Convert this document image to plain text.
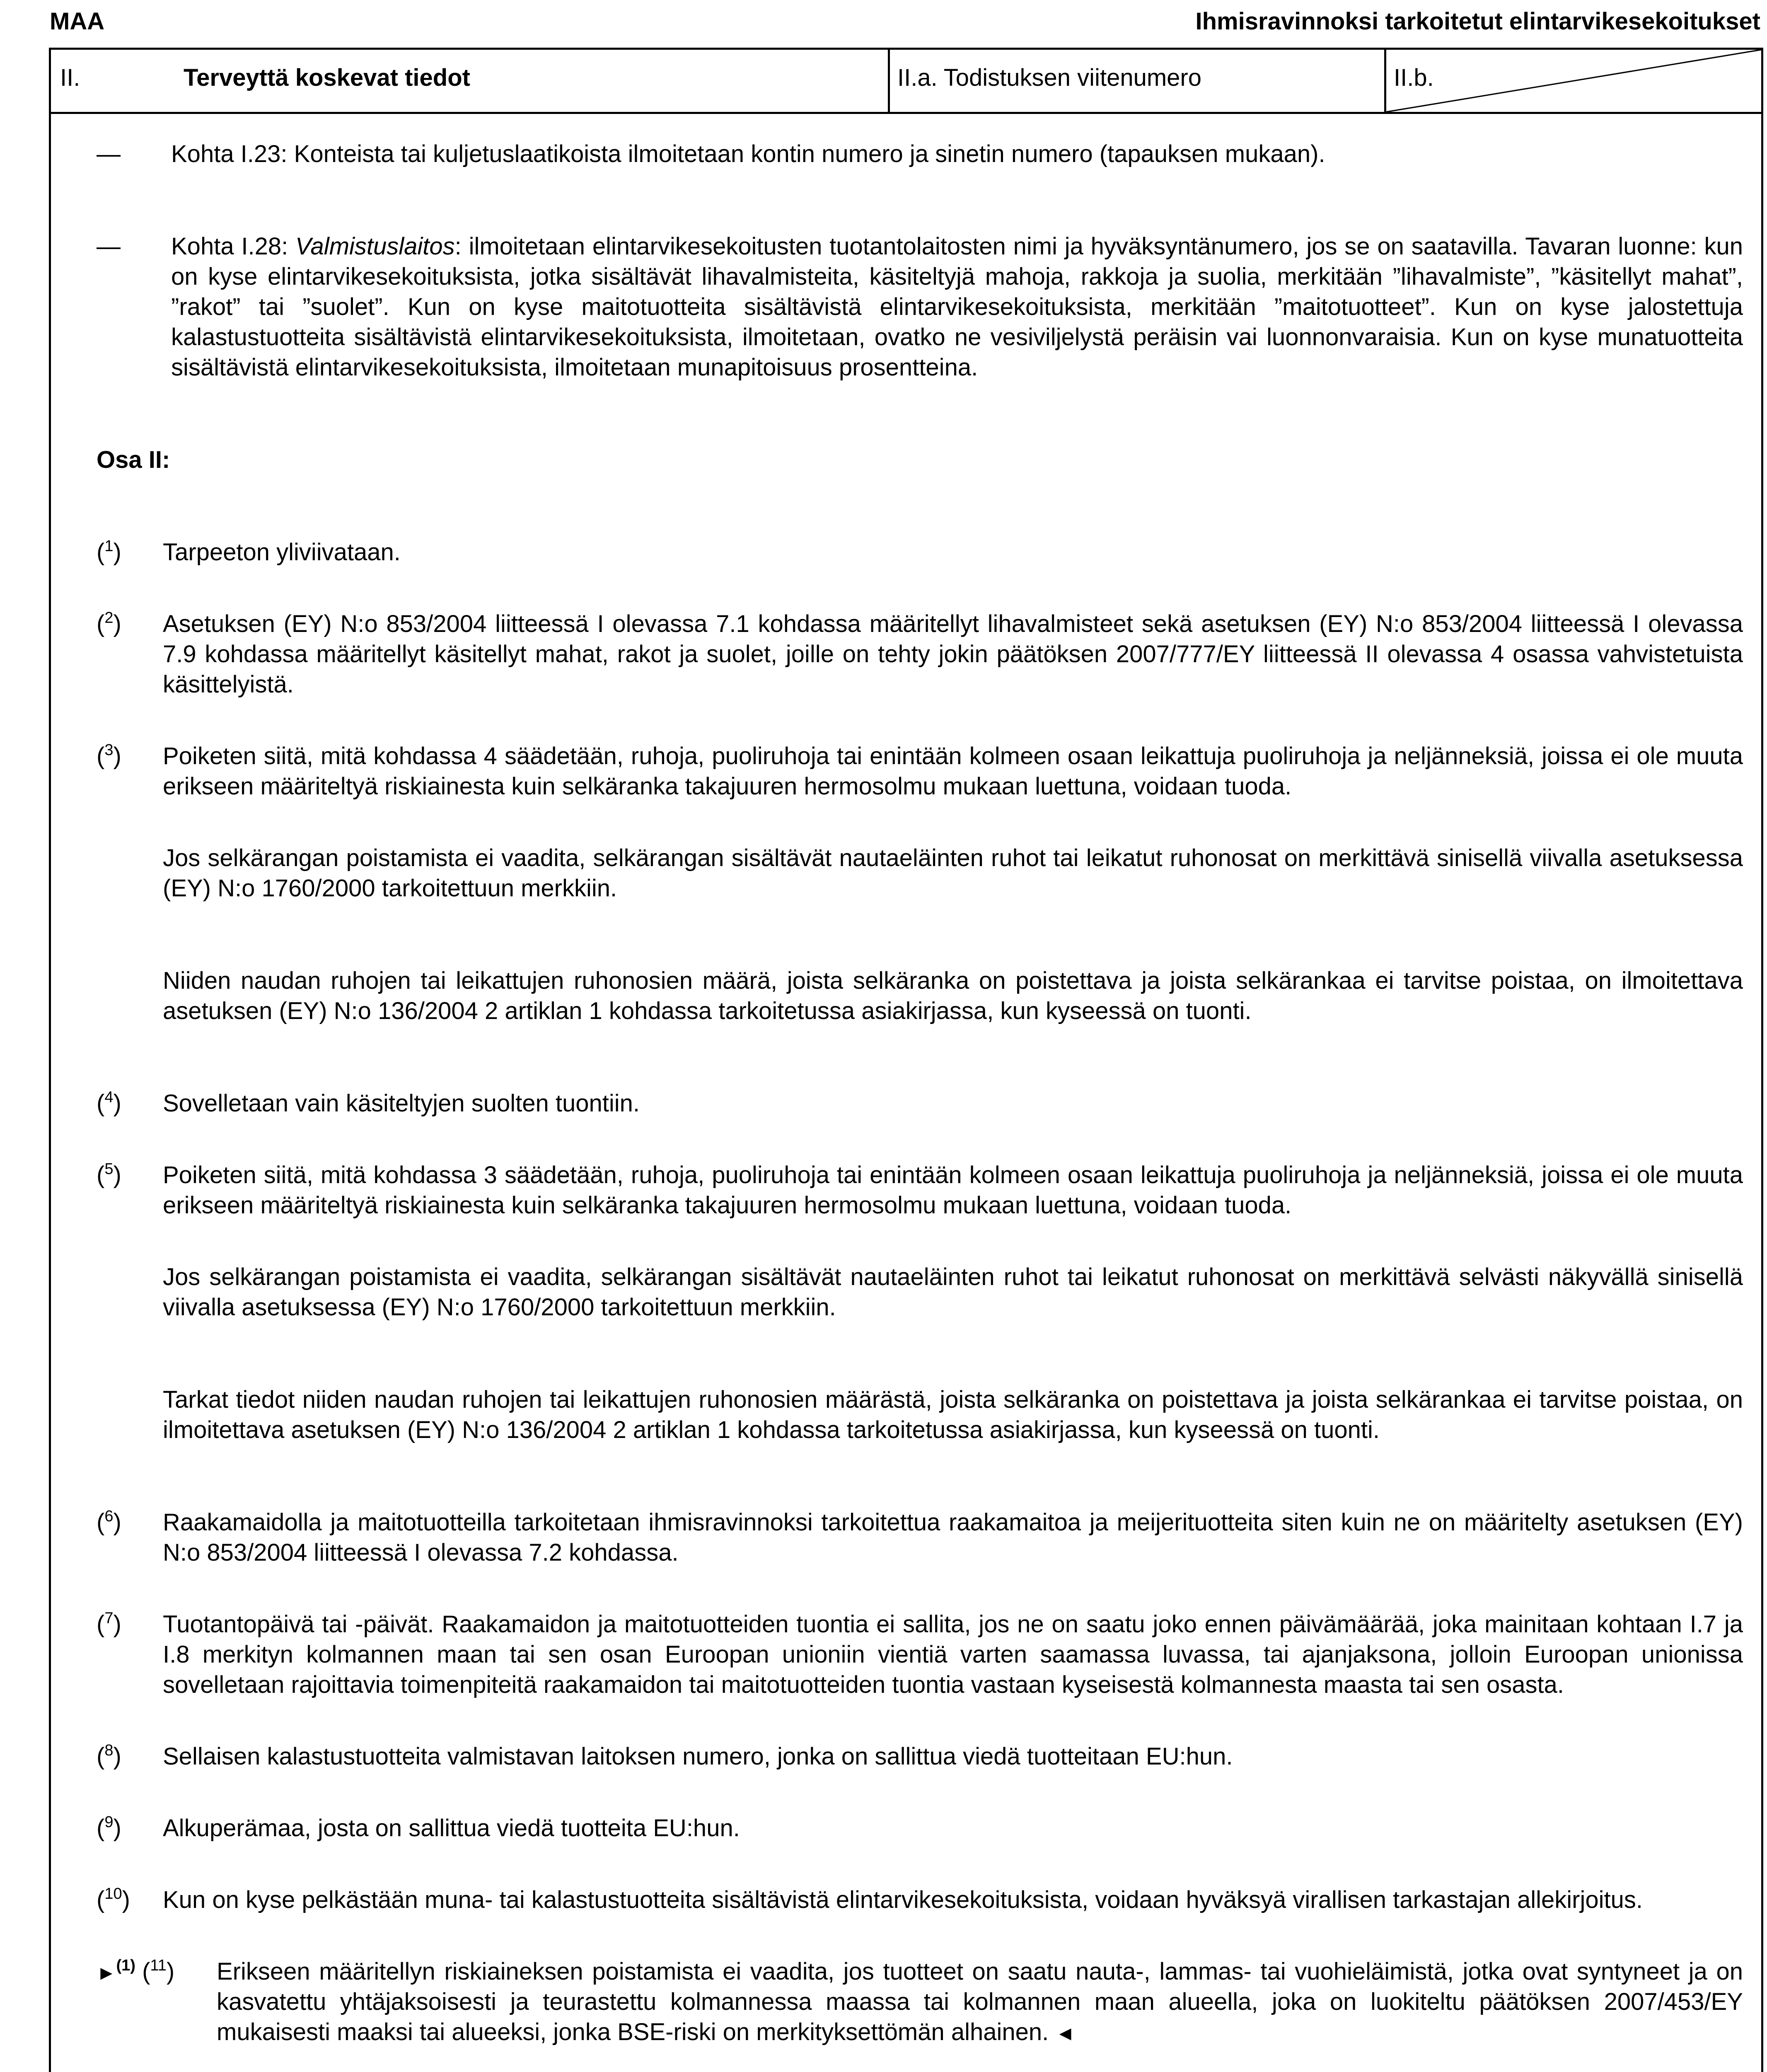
MAA	Ihmisravinnoksi tarkoitetut elintarvikesekoitukset
II.	Terveyttä koskevat tiedot	II.a. Todistuksen viitenumero	II.b.

— Kohta I.23: Konteista tai kuljetuslaatikoista ilmoitetaan kontin numero ja sinetin numero (tapauksen mukaan).

— Kohta I.28: Valmistuslaitos: ilmoitetaan elintarvikesekoitusten tuotantolaitosten nimi ja hyväksyntänumero, jos se on saatavilla. Tavaran luonne: kun on kyse elintarvikesekoituksista, jotka sisältävät lihavalmisteita, käsiteltyjä mahoja, rakkoja ja suolia, merkitään ”lihavalmiste”, ”käsitellyt mahat”, ”rakot” tai ”suolet”. Kun on kyse maitotuotteita sisältävistä elintarvikesekoituksista, merkitään ”maitotuotteet”. Kun on kyse jalostettuja kalastustuotteita sisältävistä elintarvikesekoituksista, ilmoitetaan, ovatko ne vesiviljelystä peräisin vai luonnonvaraisia. Kun on kyse munatuotteita sisältävistä elintarvikesekoituksista, ilmoitetaan munapitoisuus prosentteina.

Osa II:

($^1$) Tarpeeton yliviivataan.

($^2$) Asetuksen (EY) N:o 853/2004 liitteessä I olevassa 7.1 kohdassa määritellyt lihavalmisteet sekä asetuksen (EY) N:o 853/2004 liitteessä I olevassa 7.9 kohdassa määritellyt käsitellyt mahat, rakot ja suolet, joille on tehty jokin päätöksen 2007/777/EY liitteessä II olevassa 4 osassa vahvistetuista käsittelyistä.

($^3$) Poiketen siitä, mitä kohdassa 4 säädetään, ruhoja, puoliruhoja tai enintään kolmeen osaan leikattuja puoliruhoja ja neljänneksiä, joissa ei ole muuta erikseen määriteltyä riskiainesta kuin selkäranka takajuuren hermosolmu mukaan luettuna, voidaan tuoda.

Jos selkärangan poistamista ei vaadita, selkärangan sisältävät nautaeläinten ruhot tai leikatut ruhonosat on merkittävä sinisellä viivalla asetuksessa (EY) N:o 1760/2000 tarkoitettuun merkkiin.

Niiden naudan ruhojen tai leikattujen ruhonosien määrä, joista selkäranka on poistettava ja joista selkärankaa ei tarvitse poistaa, on ilmoitettava asetuksen (EY) N:o 136/2004 2 artiklan 1 kohdassa tarkoitetussa asiakirjassa, kun kyseessä on tuonti.

($^4$) Sovelletaan vain käsiteltyjen suolten tuontiin.

($^5$) Poiketen siitä, mitä kohdassa 3 säädetään, ruhoja, puoliruhoja tai enintään kolmeen osaan leikattuja puoliruhoja ja neljänneksiä, joissa ei ole muuta erikseen määriteltyä riskiainesta kuin selkäranka takajuuren hermosolmu mukaan luettuna, voidaan tuoda.

Jos selkärangan poistamista ei vaadita, selkärangan sisältävät nautaeläinten ruhot tai leikatut ruhonosat on merkittävä selvästi näkyvällä sinisellä viivalla asetuksessa (EY) N:o 1760/2000 tarkoitettuun merkkiin.

Tarkat tiedot niiden naudan ruhojen tai leikattujen ruhonosien määrästä, joista selkäranka on poistettava ja joista selkärankaa ei tarvitse poistaa, on ilmoitettava asetuksen (EY) N:o 136/2004 2 artiklan 1 kohdassa tarkoitetussa asiakirjassa, kun kyseessä on tuonti.

($^6$) Raakamaidolla ja maitotuotteilla tarkoitetaan ihmisravinnoksi tarkoitettua raakamaitoa ja meijerituotteita siten kuin ne on määritelty asetuksen (EY) N:o 853/2004 liitteessä I olevassa 7.2 kohdassa.

($^7$) Tuotantopäivä tai -päivät. Raakamaidon ja maitotuotteiden tuontia ei sallita, jos ne on saatu joko ennen päivämäärää, joka mainitaan kohtaan I.7 ja I.8 merkityn kolmannen maan tai sen osan Euroopan unioniin vientiä varten saamassa luvassa, tai ajanjaksona, jolloin Euroopan unionissa sovelletaan rajoittavia toimenpiteitä raakamaidon tai maitotuotteiden tuontia vastaan kyseisestä kolmannesta maasta tai sen osasta.

($^8$) Sellaisen kalastustuotteita valmistavan laitoksen numero, jonka on sallittua viedä tuotteitaan EU:hun.

($^9$) Alkuperämaa, josta on sallittua viedä tuotteita EU:hun.

($^{10}$) Kun on kyse pelkästään muna- tai kalastustuotteita sisältävistä elintarvikesekoituksista, voidaan hyväksyä virallisen tarkastajan allekirjoitus.

►$^{(1)}$ ($^{11}$) Erikseen määritellyn riskiaineksen poistamista ei vaadita, jos tuotteet on saatu nauta-, lammas- tai vuohieläimistä, jotka ovat syntyneet ja on kasvatettu yhtäjaksoisesti ja teurastettu kolmannessa maassa tai kolmannen maan alueella, joka on luokiteltu päätöksen 2007/453/EY mukaisesti maaksi tai alueeksi, jonka BSE-riski on merkityksettömän alhainen. ◄
